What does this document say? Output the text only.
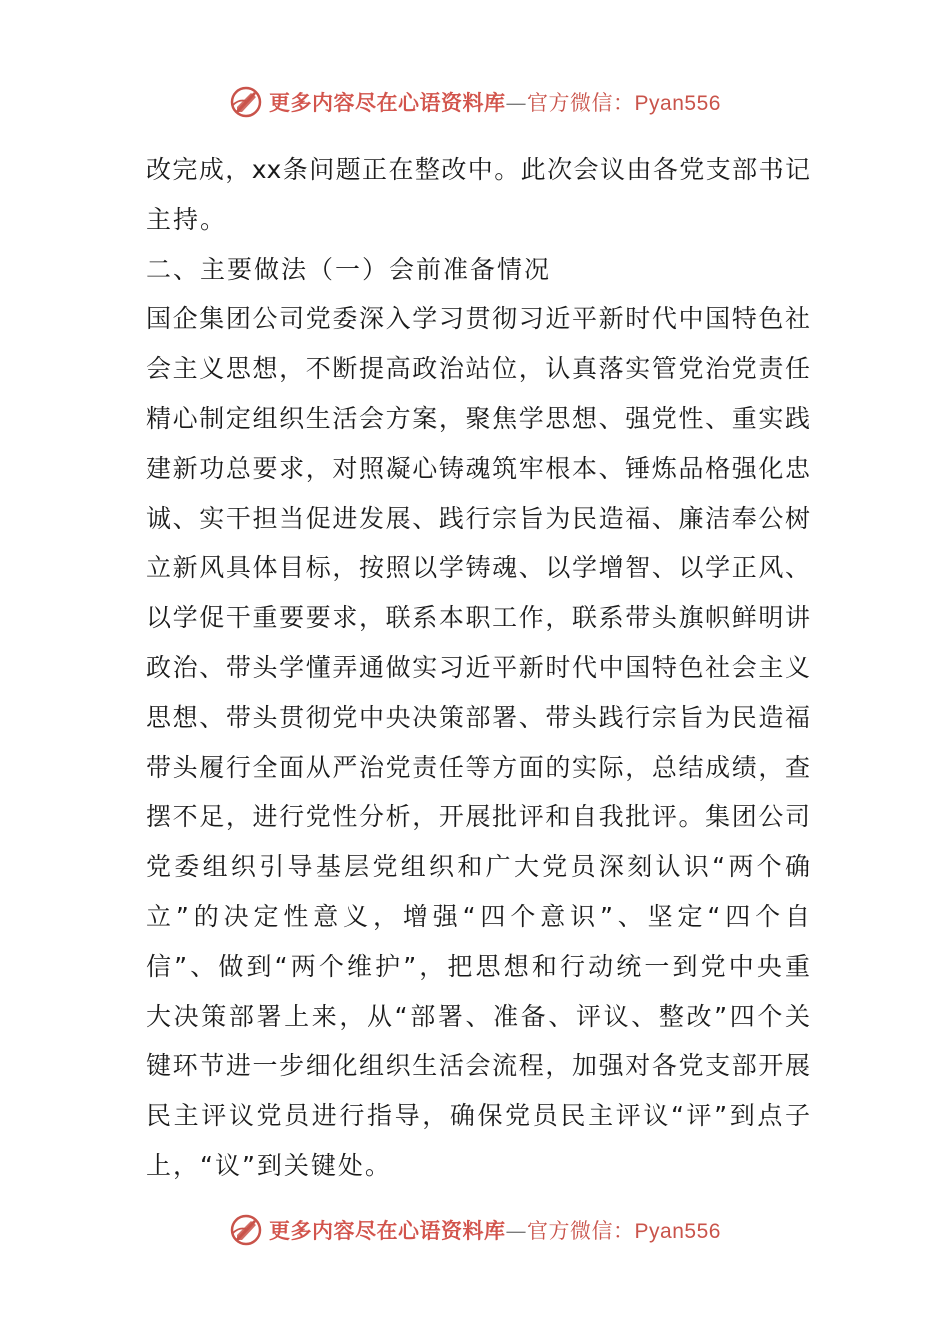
更多内容尽在心语资料库—官方微信：Pyan556
改完成，xx条问题正在整改中。此次会议由各党支部书记
主持。
二、主要做法（一）会前准备情况
国企集团公司党委深入学习贯彻习近平新时代中国特色社
会主义思想，不断提高政治站位，认真落实管党治党责任
精心制定组织生活会方案，聚焦学思想、强党性、重实践
建新功总要求，对照凝心铸魂筑牢根本、锤炼品格强化忠
诚、实干担当促进发展、践行宗旨为民造福、廉洁奉公树
立新风具体目标，按照以学铸魂、以学增智、以学正风、
以学促干重要要求，联系本职工作，联系带头旗帜鲜明讲
政治、带头学懂弄通做实习近平新时代中国特色社会主义
思想、带头贯彻党中央决策部署、带头践行宗旨为民造福
带头履行全面从严治党责任等方面的实际，总结成绩，查
摆不足，进行党性分析，开展批评和自我批评。集团公司
党委组织引导基层党组织和广大党员深刻认识“两个确
立”的决定性意义，增强“四个意识”、坚定“四个自
信”、做到“两个维护”，把思想和行动统一到党中央重
大决策部署上来，从“部署、准备、评议、整改”四个关
键环节进一步细化组织生活会流程，加强对各党支部开展
民主评议党员进行指导，确保党员民主评议“评”到点子
上，“议”到关键处。
更多内容尽在心语资料库—官方微信：Pyan556
